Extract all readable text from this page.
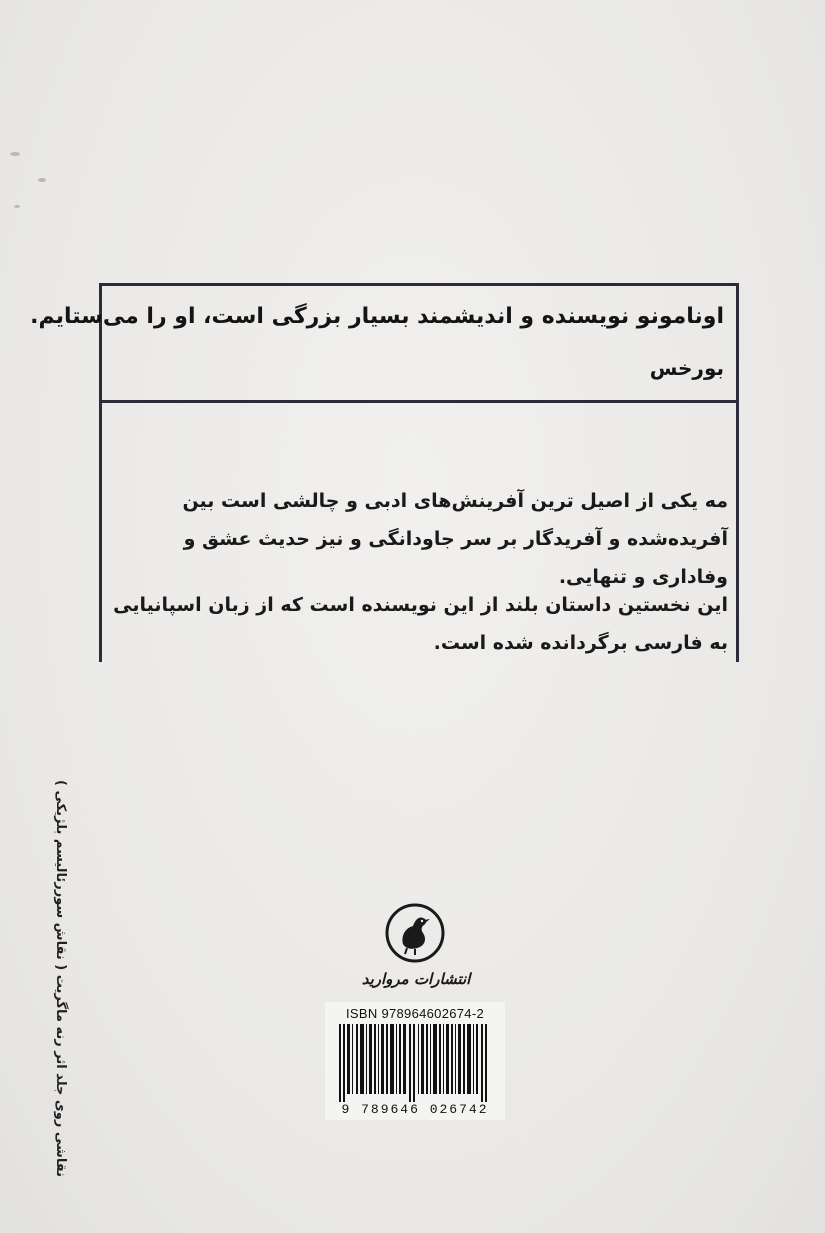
اونامونو نویسنده و اندیشمند بسیار بزرگی است، او را می‌ستایم.
بورخس
مه یکی از اصیل ترین آفرینش‌های ادبی و چالشی است بین آفریده‌شده و آفریدگار بر سر جاودانگی و نیز حدیث عشق و وفاداری و تنهایی.
این نخستین داستان بلند از این نویسنده است که از زبان اسپانیایی به فارسی برگردانده شده است.
نقاشی روی جلد اثر رنه ماگریت ( نقاش سوررئالیسم بلژیکی )	انتشارات مروارید
ISBN 978964602674-2
9 789646 026742
